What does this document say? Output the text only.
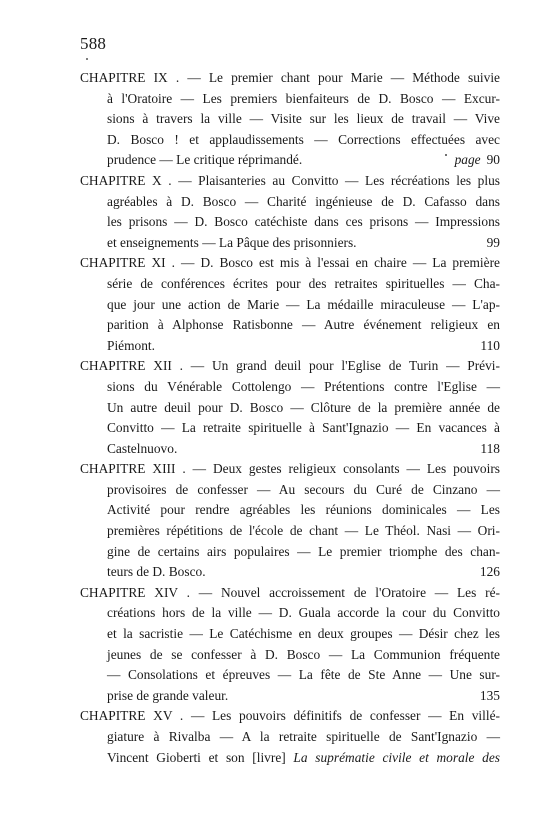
588
CHAPITRE IX . — Le premier chant pour Marie — Méthode suivie
à l'Oratoire — Les premiers bienfaiteurs de D. Bosco — Excur-
sions à travers la ville — Visite sur les lieux de travail — Vive
D. Bosco ! et applaudissements — Corrections effectuées avec
prudence — Le critique réprimandé.	page 90
CHAPITRE X . — Plaisanteries au Convitto — Les récréations les plus
agréables à D. Bosco — Charité ingénieuse de D. Cafasso dans
les prisons — D. Bosco catéchiste dans ces prisons — Impressions
et enseignements — La Pâque des prisonniers.	99
CHAPITRE XI . — D. Bosco est mis à l'essai en chaire — La première
série de conférences écrites pour des retraites spirituelles — Cha-
que jour une action de Marie — La médaille miraculeuse — L'ap-
parition à Alphonse Ratisbonne — Autre événement religieux en
Piémont.	110
CHAPITRE XII . — Un grand deuil pour l'Eglise de Turin — Prévi-
sions du Vénérable Cottolengo — Prétentions contre l'Eglise —
Un autre deuil pour D. Bosco — Clôture de la première année de
Convitto — La retraite spirituelle à Sant'Ignazio — En vacances à
Castelnuovo.	118
CHAPITRE XIII . — Deux gestes religieux consolants — Les pouvoirs
provisoires de confesser — Au secours du Curé de Cinzano —
Activité pour rendre agréables les réunions dominicales — Les
premières répétitions de l'école de chant — Le Théol. Nasi — Ori-
gine de certains airs populaires — Le premier triomphe des chan-
teurs de D. Bosco.	126
CHAPITRE XIV . — Nouvel accroissement de l'Oratoire — Les ré-
créations hors de la ville — D. Guala accorde la cour du Convitto
et la sacristie — Le Catéchisme en deux groupes — Désir chez les
jeunes de se confesser à D. Bosco — La Communion fréquente
— Consolations et épreuves — La fête de Ste Anne — Une sur-
prise de grande valeur.	135
CHAPITRE XV . — Les pouvoirs définitifs de confesser — En villé-
giature à Rivalba — A la retraite spirituelle de Sant'Ignazio —
Vincent Gioberti et son [livre] La suprématie civile et morale des
